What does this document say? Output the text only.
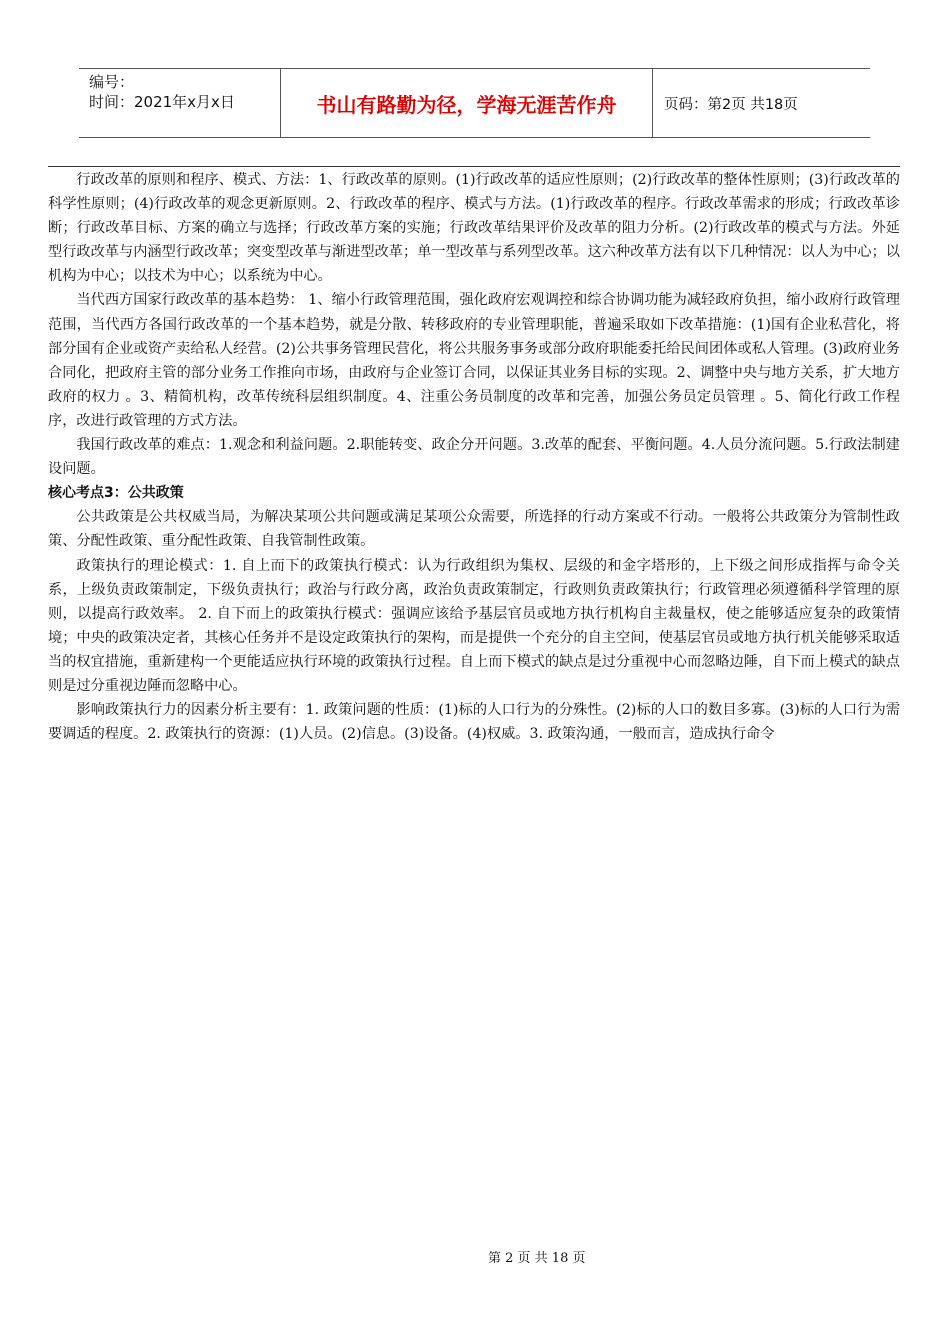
编号：
时间：2021年x月x日	书山有路勤为径，学海无涯苦作舟	页码：第2页 共18页

行政改革的原则和程序、模式、方法：1、行政改革的原则。(1)行政改革的适应性原则；(2)行政改革的整体性原则；(3)行政改革的科学性原则；(4)行政改革的观念更新原则。2、行政改革的程序、模式与方法。(1)行政改革的程序。行政改革需求的形成；行政改革诊断；行政改革目标、方案的确立与选择；行政改革方案的实施；行政改革结果评价及改革的阻力分析。(2)行政改革的模式与方法。外延型行政改革与内涵型行政改革；突变型改革与渐进型改革；单一型改革与系列型改革。这六种改革方法有以下几种情况：以人为中心；以机构为中心；以技术为中心；以系统为中心。

当代西方国家行政改革的基本趋势： 1、缩小行政管理范围，强化政府宏观调控和综合协调功能为减轻政府负担，缩小政府行政管理范围，当代西方各国行政改革的一个基本趋势，就是分散、转移政府的专业管理职能，普遍采取如下改革措施：(1)国有企业私营化，将部分国有企业或资产卖给私人经营。(2)公共事务管理民营化，将公共服务事务或部分政府职能委托给民间团体或私人管理。(3)政府业务合同化，把政府主管的部分业务工作推向市场，由政府与企业签订合同，以保证其业务目标的实现。2、调整中央与地方关系，扩大地方政府的权力 。3、精简机构，改革传统科层组织制度。4、注重公务员制度的改革和完善，加强公务员定员管理 。5、简化行政工作程序，改进行政管理的方式方法。

我国行政改革的难点：1.观念和利益问题。2.职能转变、政企分开问题。3.改革的配套、平衡问题。4.人员分流问题。5.行政法制建设问题。

核心考点3：公共政策

公共政策是公共权威当局，为解决某项公共问题或满足某项公众需要，所选择的行动方案或不行动。一般将公共政策分为管制性政策、分配性政策、重分配性政策、自我管制性政策。

政策执行的理论模式：1. 自上而下的政策执行模式：认为行政组织为集权、层级的和金字塔形的，上下级之间形成指挥与命令关系，上级负责政策制定，下级负责执行；政治与行政分离，政治负责政策制定，行政则负责政策执行；行政管理必须遵循科学管理的原则，以提高行政效率。 2. 自下而上的政策执行模式：强调应该给予基层官员或地方执行机构自主裁量权，使之能够适应复杂的政策情境；中央的政策决定者，其核心任务并不是设定政策执行的架构，而是提供一个充分的自主空间，使基层官员或地方执行机关能够采取适当的权宜措施，重新建构一个更能适应执行环境的政策执行过程。自上而下模式的缺点是过分重视中心而忽略边陲，自下而上模式的缺点则是过分重视边陲而忽略中心。

影响政策执行力的因素分析主要有：1. 政策问题的性质：(1)标的人口行为的分殊性。(2)标的人口的数目多寡。(3)标的人口行为需要调适的程度。2. 政策执行的资源：(1)人员。(2)信息。(3)设备。(4)权威。3. 政策沟通，一般而言，造成执行命令

第 2 页 共 18 页
